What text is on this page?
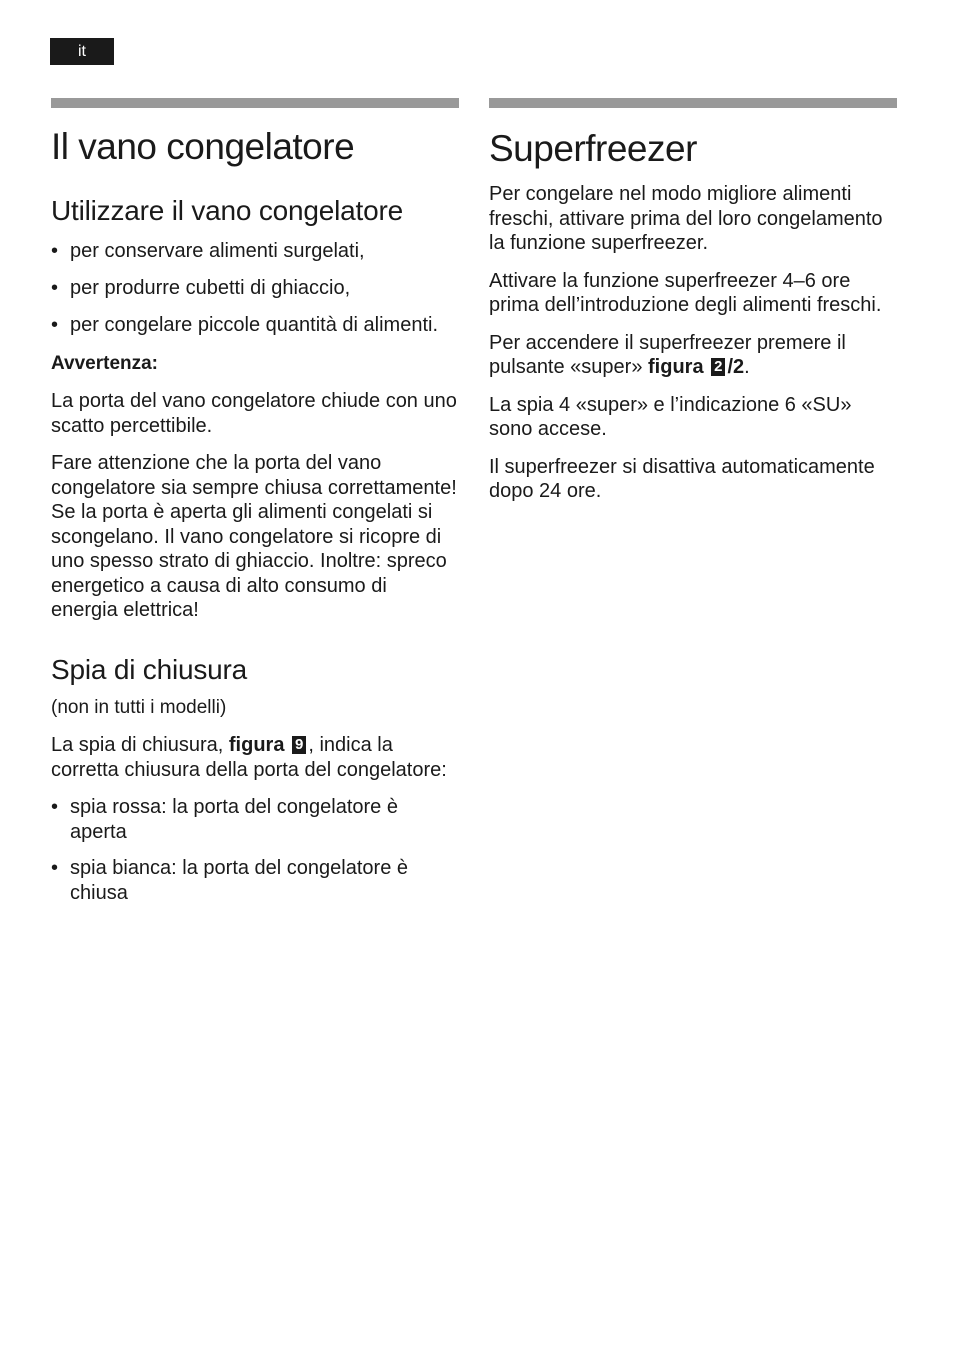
it
Il vano congelatore
Utilizzare il vano congelatore
• per conservare alimenti surgelati,
• per produrre cubetti di ghiaccio,
• per congelare piccole quantità di alimenti.

Avvertenza:

La porta del vano congelatore chiude con uno scatto percettibile.

Fare attenzione che la porta del vano congelatore sia sempre chiusa correttamente! Se la porta è aperta gli alimenti congelati si scongelano. Il vano congelatore si ricopre di uno spesso strato di ghiaccio. Inoltre: spreco energetico a causa di alto consumo di energia elettrica!

Spia di chiusura

(non in tutti i modelli)

La spia di chiusura, figura 9 , indica la corretta chiusura della porta del congelatore:

• spia rossa: la porta del congelatore è aperta
• spia bianca: la porta del congelatore è chiusa
Superfreezer

Per congelare nel modo migliore alimenti freschi, attivare prima del loro congelamento la funzione superfreezer.

Attivare la funzione superfreezer 4–6 ore prima dell’introduzione degli alimenti freschi.

Per accendere il superfreezer premere il pulsante «super» figura 2 /2.

La spia 4 «super» e l’indicazione 6 «SU» sono accese.

Il superfreezer si disattiva automaticamente dopo 24 ore.
